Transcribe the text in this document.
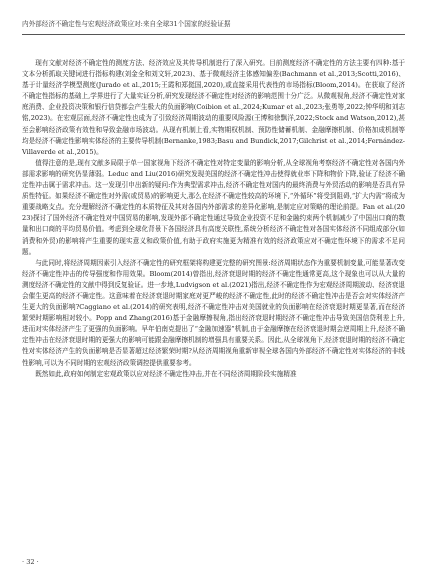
内外部经济不确定性与宏观经济政策应对:来自全球31个国家的经验证据

现有文献对经济不确定性的测度方法、经济效应及其传导机制进行了深入研究。目前测度经济不确定性的方法主要有四种:基于文本分析抓取关键词进行指标构建(刘金全和刘文轩,2023)、基于微观经济主体感知偏差(Bachmann et al.,2013;Scotti,2016)、基于计量经济学模型测度(Jurado et al.,2015;王霞和郑挺国,2020),或直接采用代表性的市场指标(Bloom,2014)。在获取了经济不确定性指标的基础上,学界进行了大量实证分析,研究发现经济不确定性对经济的影响范围十分广泛。从微观视角,经济不确定性对家庭消费、企业投资决策和银行信贷都会产生极大的负面影响(Coibion et al.,2024;Kumar et al.,2023;张勇等,2022;钟华明和刘志铭,2023)。在宏观层面,经济不确定性也成为了引致经济周期波动的重要风险源(王博和徐飘洋,2022;Stock and Watson,2012),甚至会影响经济政策有效性和导致金融市场波动。从现有机制上看,实物期权机制、预防性储蓄机制、金融摩擦机制、价格加成机制等均是经济不确定性影响实体经济的主要传导机制(Bernanke,1983;Basu and Bundick,2017;Gilchrist et al.,2014;Fernández-Villaverde et al.,2015)。

值得注意的是,现有文献多局限于单一国家视角下经济不确定性对特定变量的影响分析,从全球视角考察经济不确定性对各国内外部需求影响的研究仍显薄弱。Leduc and Liu(2016)研究发现美国的经济不确定性冲击使得就业率下降和物价下降,验证了经济不确定性冲击属于需求冲击。这一发现引申出新的疑问:作为典型需求冲击,经济不确定性对国内的最终消费与外贸活动的影响是否具有异质性特征。如果经济不确定性对外需(或贸易)的影响更大,那么在经济不确定性较高的环境下,“外循环”将受到阻碍,“扩大内需”将成为重要战略支点。充分理解经济不确定性的本质特征及其对各国内外部需求的差异化影响,是制定应对策略的理论前提。Fan et al.(2023)探讨了国外经济不确定性对中国贸易的影响,发现外部不确定性通过导致企业投资不足和金融约束两个机制减少了中国出口商的数量和出口商的平均贸易价值。考虑到全球化背景下各国经济具有高度关联性,系统分析经济不确定性对各国实体经济不同组成部分(如消费和外贸)的影响将产生重要的现实意义和政策价值,有助于政府实施更为精准有效的经济政策应对不确定性环境下的需求不足问题。

与此同时,将经济周期因素引入经济不确定性的研究框架将构建更完整的研究图景:经济周期状态作为重要机制变量,可能显著改变经济不确定性冲击的传导强度和作用效果。Bloom(2014)曾指出,经济衰退时期的经济不确定性通常更高,这个现象也可以从大量的测度经济不确定性的文献中得到反复验证。进一步地,Ludvigson et al.(2021)指出,经济不确定性作为宏观经济周期波动、经济衰退会催生更高的经济不确定性。这意味着在经济衰退时期家庭对更严峻的经济不确定性,此时的经济不确定性冲击是否会对实体经济产生更大的负面影响?Caggiano et al.(2014)的研究表明,经济不确定性冲击对美国就业的负面影响在经济衰退时期更显著,而在经济繁荣时期影响相对较小。Popp and Zhang(2016)基于金融摩擦视角,指出经济衰退时期经济不确定性冲击导致美国信贷利差上升,进而对实体经济产生了更强的负面影响。早年伯南克提出了“金融加速器”机制,由于金融摩擦在经济衰退时期会逆周期上升,经济不确定性冲击在经济衰退时期的更强大的影响可能跟金融摩擦机制的增强具有重要关系。因此,从全球视角下,经济衰退时期的经济不确定性对实体经济产生的负面影响是否显著超过经济繁荣时期?从经济周期视角重新审视全球各国内外部经济不确定性对实体经济的非线性影响,可以为不同时期的宏观经济政策调控提供重要参考。

既然如此,政府如何制定宏观政策以应对经济不确定性冲击,并在不同经济周期阶段实施精准

· 32 ·
